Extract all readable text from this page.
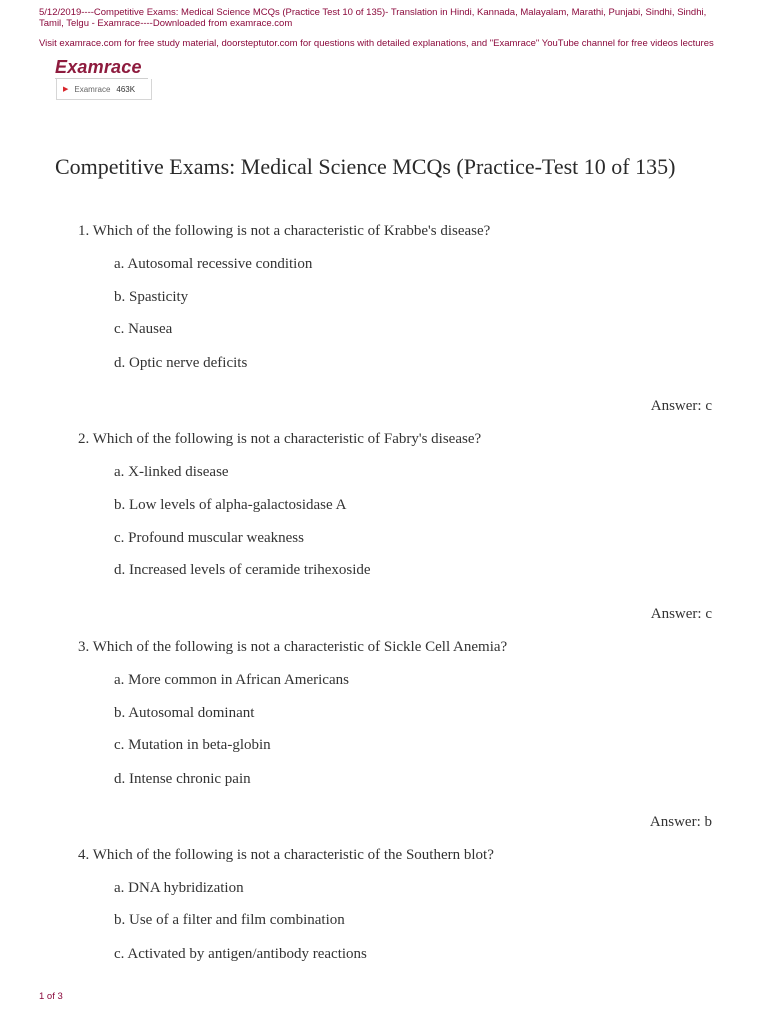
5/12/2019----Competitive Exams: Medical Science MCQs (Practice Test 10 of 135)- Translation in Hindi, Kannada, Malayalam, Marathi, Punjabi, Sindhi, Sindhi, Tamil, Telgu - Examrace----Downloaded from examrace.com
Visit examrace.com for free study material, doorsteptutor.com for questions with detailed explanations, and "Examrace" YouTube channel for free videos lectures
Examrace
▶ Examrace 463K
Competitive Exams: Medical Science MCQs (Practice-Test 10 of 135)
1. Which of the following is not a characteristic of Krabbe's disease?
a. Autosomal recessive condition
b. Spasticity
c. Nausea
d. Optic nerve deficits
Answer: c
2. Which of the following is not a characteristic of Fabry's disease?
a. X-linked disease
b. Low levels of alpha-galactosidase A
c. Profound muscular weakness
d. Increased levels of ceramide trihexoside
Answer: c
3. Which of the following is not a characteristic of Sickle Cell Anemia?
a. More common in African Americans
b. Autosomal dominant
c. Mutation in beta-globin
d. Intense chronic pain
Answer: b
4. Which of the following is not a characteristic of the Southern blot?
a. DNA hybridization
b. Use of a filter and film combination
c. Activated by antigen/antibody reactions
1 of 3
